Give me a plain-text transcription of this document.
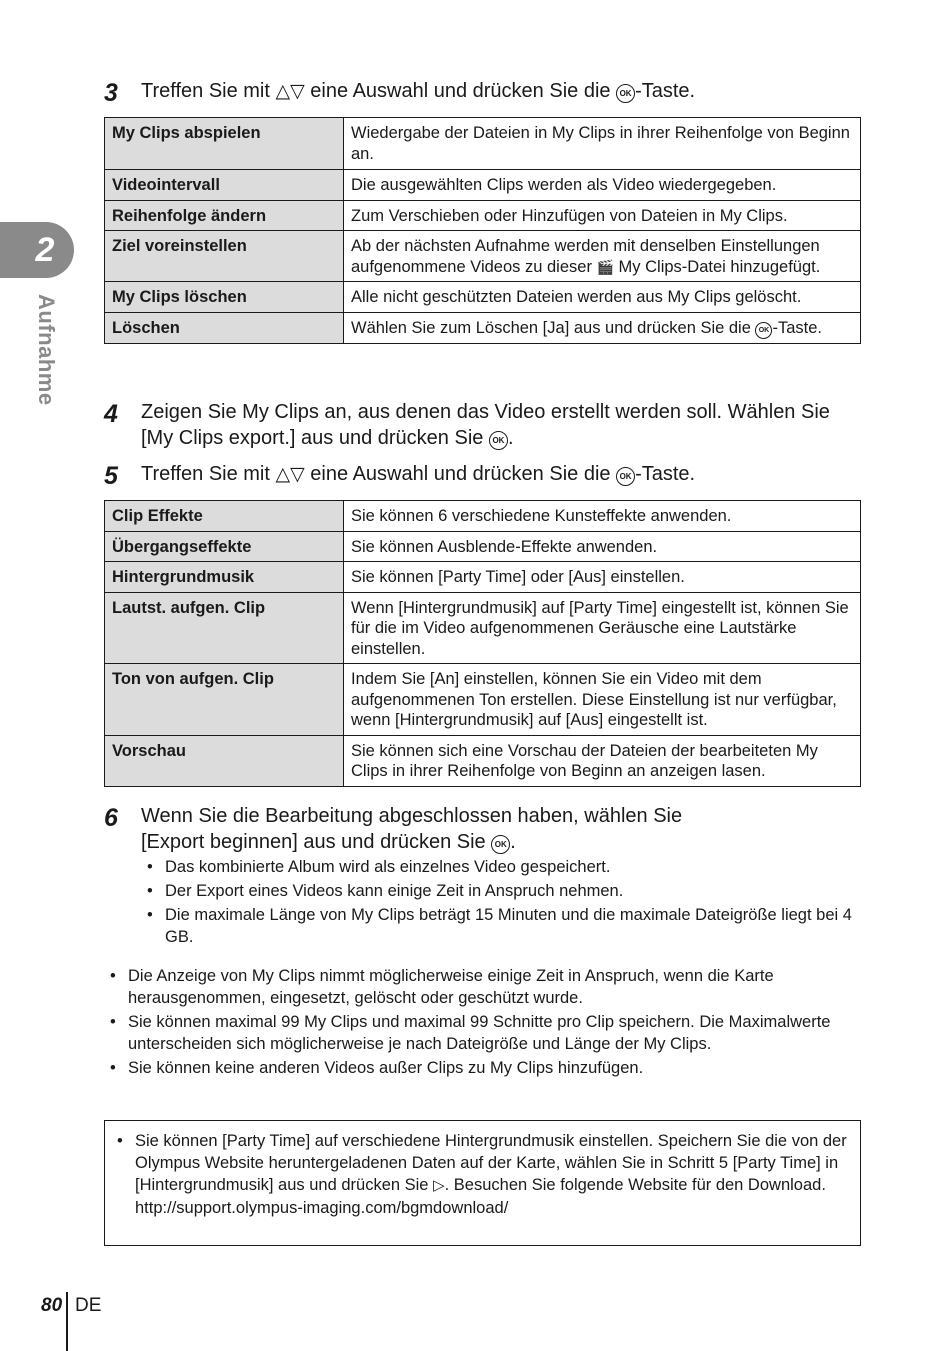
2
Aufnahme
3 Treffen Sie mit △▽ eine Auswahl und drücken Sie die OK -Taste.
My Clips abspielen	Wiedergabe der Dateien in My Clips in ihrer Reihenfolge von Beginn an.
Videointervall	Die ausgewählten Clips werden als Video wiedergegeben.
Reihenfolge ändern	Zum Verschieben oder Hinzufügen von Dateien in My Clips.
Ziel voreinstellen	Ab der nächsten Aufnahme werden mit denselben Einstellungen aufgenommene Videos zu dieser 🎬 My Clips-Datei hinzugefügt.
My Clips löschen	Alle nicht geschützten Dateien werden aus My Clips gelöscht.
Löschen	Wählen Sie zum Löschen [Ja] aus und drücken Sie die OK -Taste.
4 Zeigen Sie My Clips an, aus denen das Video erstellt werden soll. Wählen Sie [My Clips export.] aus und drücken Sie OK .
5 Treffen Sie mit △▽ eine Auswahl und drücken Sie die OK -Taste.
Clip Effekte	Sie können 6 verschiedene Kunsteffekte anwenden.
Übergangseffekte	Sie können Ausblende-Effekte anwenden.
Hintergrundmusik	Sie können [Party Time] oder [Aus] einstellen.
Lautst. aufgen. Clip	Wenn [Hintergrundmusik] auf [Party Time] eingestellt ist, können Sie für die im Video aufgenommenen Geräusche eine Lautstärke einstellen.
Ton von aufgen. Clip	Indem Sie [An] einstellen, können Sie ein Video mit dem aufgenommenen Ton erstellen. Diese Einstellung ist nur verfügbar, wenn [Hintergrundmusik] auf [Aus] eingestellt ist.
Vorschau	Sie können sich eine Vorschau der Dateien der bearbeiteten My Clips in ihrer Reihenfolge von Beginn an anzeigen lasen.
6 Wenn Sie die Bearbeitung abgeschlossen haben, wählen Sie [Export beginnen] aus und drücken Sie OK .
• Das kombinierte Album wird als einzelnes Video gespeichert.
• Der Export eines Videos kann einige Zeit in Anspruch nehmen.
• Die maximale Länge von My Clips beträgt 15 Minuten und die maximale Dateigröße liegt bei 4 GB.
• Die Anzeige von My Clips nimmt möglicherweise einige Zeit in Anspruch, wenn die Karte herausgenommen, eingesetzt, gelöscht oder geschützt wurde.
• Sie können maximal 99 My Clips und maximal 99 Schnitte pro Clip speichern. Die Maximalwerte unterscheiden sich möglicherweise je nach Dateigröße und Länge der My Clips.
• Sie können keine anderen Videos außer Clips zu My Clips hinzufügen.
• Sie können [Party Time] auf verschiedene Hintergrundmusik einstellen. Speichern Sie die von der Olympus Website heruntergeladenen Daten auf der Karte, wählen Sie in Schritt 5 [Party Time] in [Hintergrundmusik] aus und drücken Sie ▷. Besuchen Sie folgende Website für den Download.
http://support.olympus-imaging.com/bgmdownload/
80 DE
